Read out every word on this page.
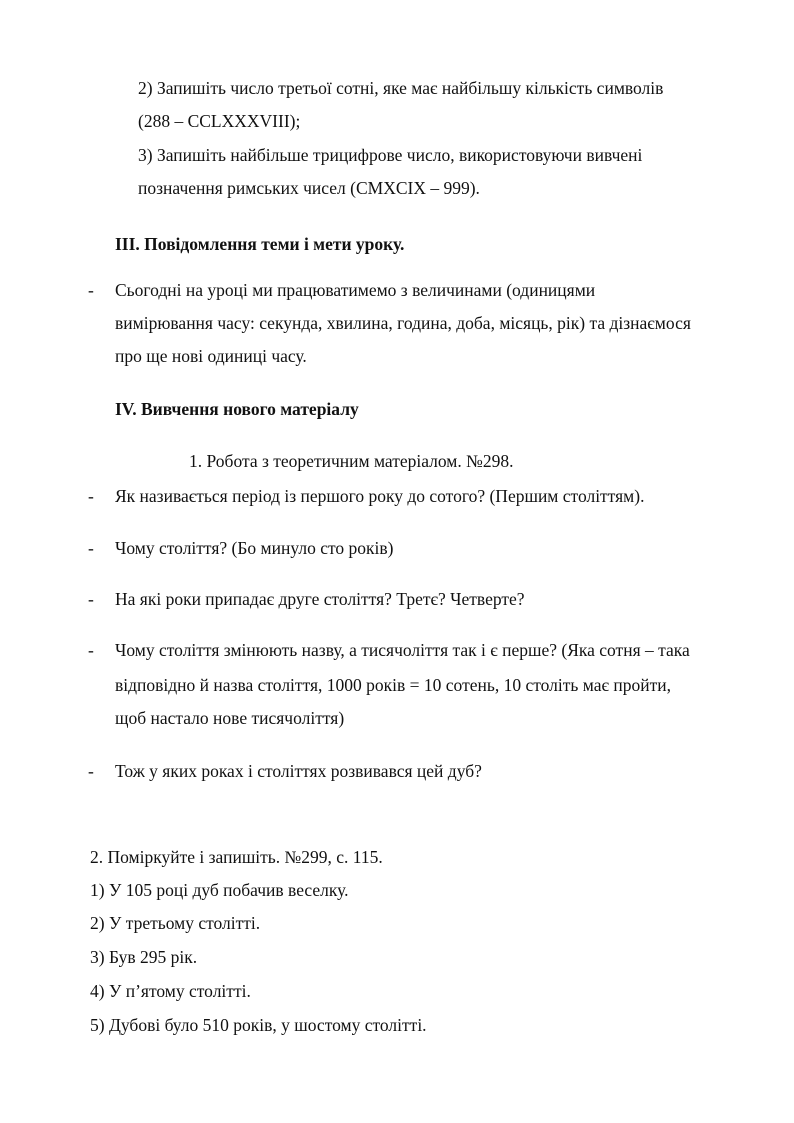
2) Запишіть число третьої сотні, яке має найбільшу кількість символів
(288 – CCLXXXVIII);
3) Запишіть найбільше трицифрове число, використовуючи вивчені
позначення римських чисел (CMXCIX – 999).
III. Повідомлення теми і мети уроку.
- Сьогодні на уроці ми працюватимемо з величинами (одиницями
вимірювання часу: секунда, хвилина, година, доба, місяць, рік) та дізнаємося
про ще нові одиниці часу.
IV. Вивчення нового матеріалу
1. Робота з теоретичним матеріалом. №298.
- Як називається період із першого року до сотого? (Першим століттям).
- Чому століття? (Бо минуло сто років)
- На які роки припадає друге століття? Третє? Четверте?
- Чому століття змінюють назву, а тисячоліття так і є перше? (Яка сотня – така
відповідно й назва століття, 1000 років = 10 сотень, 10 століть має пройти,
щоб настало нове тисячоліття)
- Тож у яких роках і століттях розвивався цей дуб?
2. Поміркуйте і запишіть. №299, с. 115.
1) У 105 році дуб побачив веселку.
2) У третьому столітті.
3) Був 295 рік.
4) У п’ятому столітті.
5) Дубові було 510 років, у шостому столітті.
